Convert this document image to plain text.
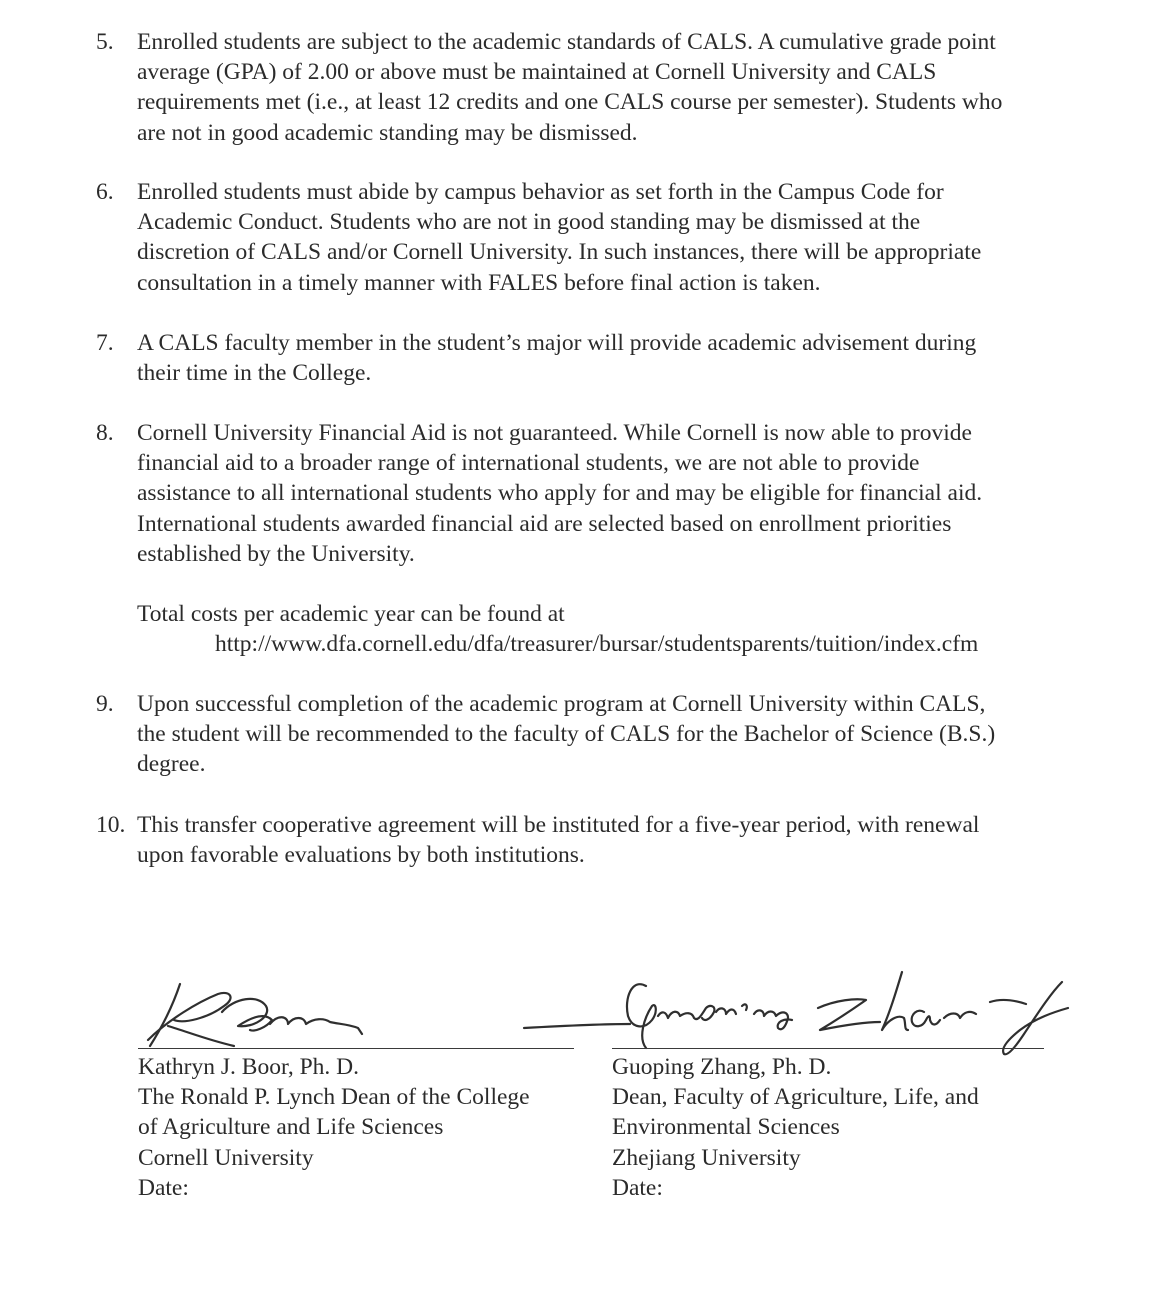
5. Enrolled students are subject to the academic standards of CALS. A cumulative grade point
average (GPA) of 2.00 or above must be maintained at Cornell University and CALS
requirements met (i.e., at least 12 credits and one CALS course per semester). Students who
are not in good academic standing may be dismissed.
6. Enrolled students must abide by campus behavior as set forth in the Campus Code for
Academic Conduct. Students who are not in good standing may be dismissed at the
discretion of CALS and/or Cornell University. In such instances, there will be appropriate
consultation in a timely manner with FALES before final action is taken.
7. A CALS faculty member in the student’s major will provide academic advisement during
their time in the College.
8. Cornell University Financial Aid is not guaranteed. While Cornell is now able to provide
financial aid to a broader range of international students, we are not able to provide
assistance to all international students who apply for and may be eligible for financial aid.
International students awarded financial aid are selected based on enrollment priorities
established by the University.
Total costs per academic year can be found at
http://www.dfa.cornell.edu/dfa/treasurer/bursar/studentsparents/tuition/index.cfm
9. Upon successful completion of the academic program at Cornell University within CALS,
the student will be recommended to the faculty of CALS for the Bachelor of Science (B.S.)
degree.
10. This transfer cooperative agreement will be instituted for a five-year period, with renewal
upon favorable evaluations by both institutions.
Kathryn J. Boor, Ph. D.
The Ronald P. Lynch Dean of the College
of Agriculture and Life Sciences
Cornell University
Date:
Guoping Zhang, Ph. D.
Dean, Faculty of Agriculture, Life, and
Environmental Sciences
Zhejiang University
Date:
